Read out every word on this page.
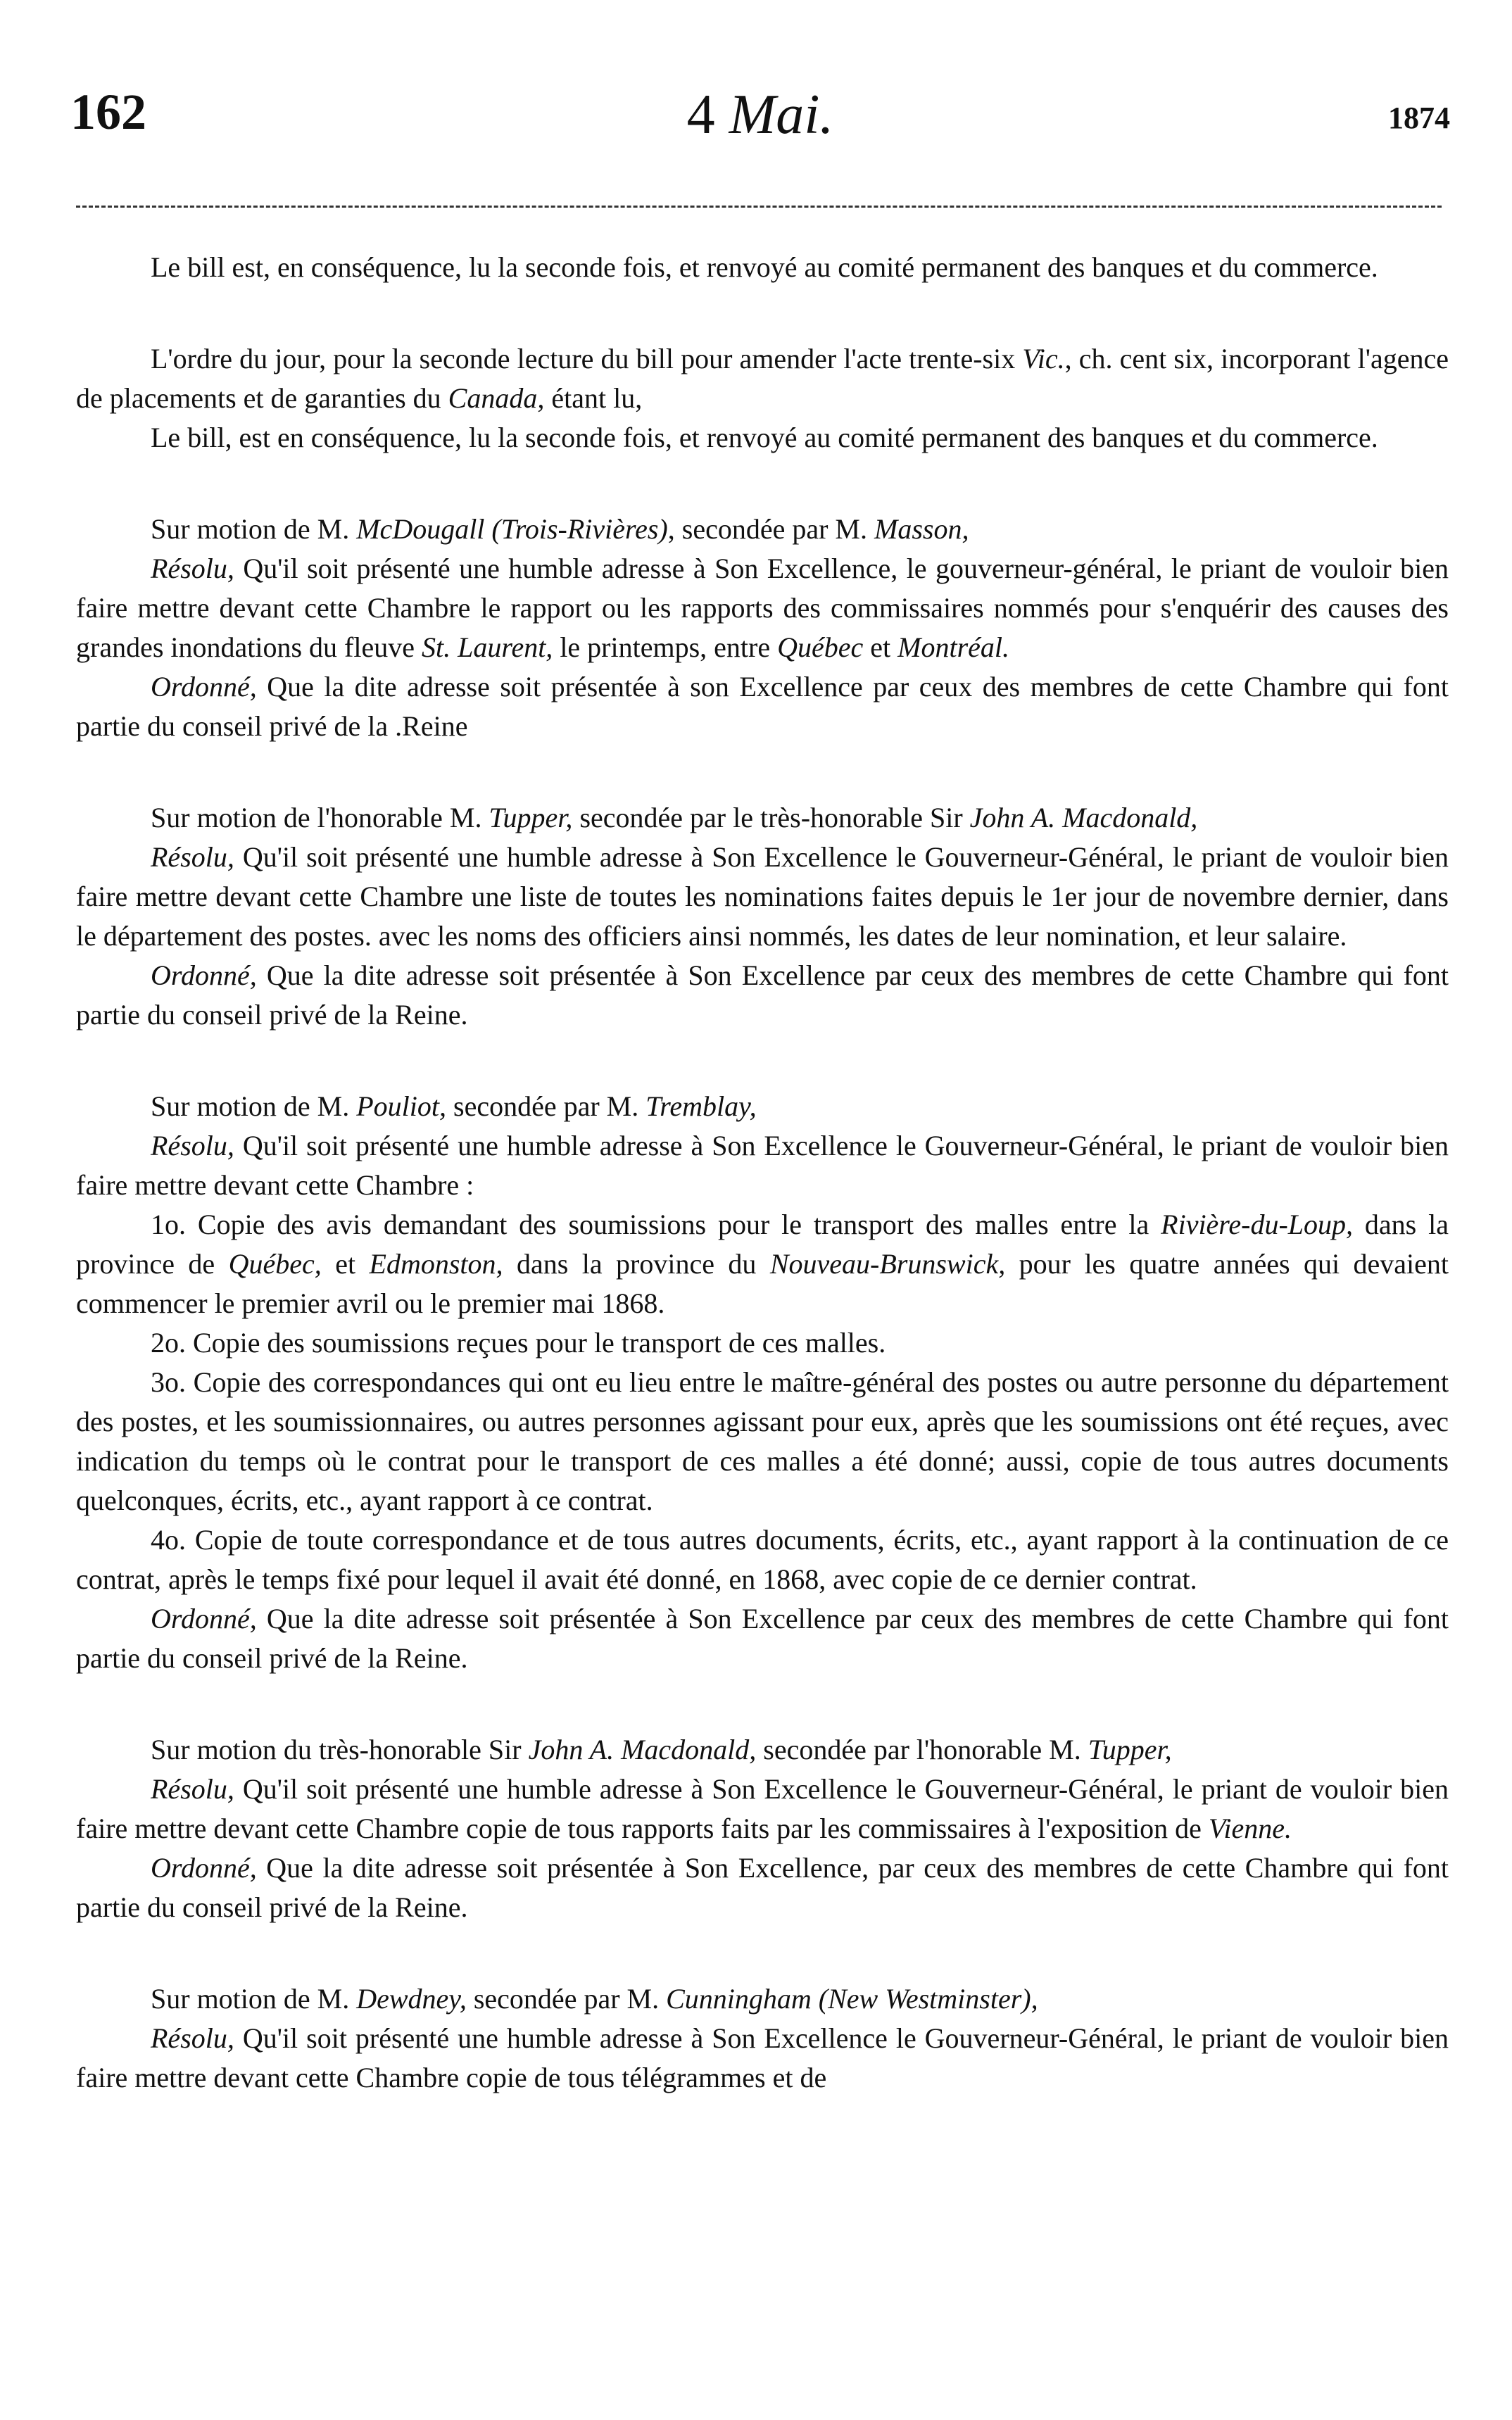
162	4 Mai.	1874

Le bill est, en conséquence, lu la seconde fois, et renvoyé au comité permanent des banques et du commerce.

L'ordre du jour, pour la seconde lecture du bill pour amender l'acte trente-six Vic., ch. cent six, incorporant l'agence de placements et de garanties du Canada, étant lu,

Le bill, est en conséquence, lu la seconde fois, et renvoyé au comité permanent des banques et du commerce.

Sur motion de M. McDougall (Trois-Rivières), secondée par M. Masson,

Résolu, Qu'il soit présenté une humble adresse à Son Excellence, le gouverneur-général, le priant de vouloir bien faire mettre devant cette Chambre le rapport ou les rapports des commissaires nommés pour s'enquérir des causes des grandes inondations du fleuve St. Laurent, le printemps, entre Québec et Montréal.

Ordonné, Que la dite adresse soit présentée à son Excellence par ceux des membres de cette Chambre qui font partie du conseil privé de la .Reine

Sur motion de l'honorable M. Tupper, secondée par le très-honorable Sir John A. Macdonald,

Résolu, Qu'il soit présenté une humble adresse à Son Excellence le Gouverneur-Général, le priant de vouloir bien faire mettre devant cette Chambre une liste de toutes les nominations faites depuis le 1er jour de novembre dernier, dans le département des postes. avec les noms des officiers ainsi nommés, les dates de leur nomination, et leur salaire.

Ordonné, Que la dite adresse soit présentée à Son Excellence par ceux des membres de cette Chambre qui font partie du conseil privé de la Reine.

Sur motion de M. Pouliot, secondée par M. Tremblay,

Résolu, Qu'il soit présenté une humble adresse à Son Excellence le Gouverneur-Général, le priant de vouloir bien faire mettre devant cette Chambre :

1o. Copie des avis demandant des soumissions pour le transport des malles entre la Rivière-du-Loup, dans la province de Québec, et Edmonston, dans la province du Nouveau-Brunswick, pour les quatre années qui devaient commencer le premier avril ou le premier mai 1868.

2o. Copie des soumissions reçues pour le transport de ces malles.

3o. Copie des correspondances qui ont eu lieu entre le maître-général des postes ou autre personne du département des postes, et les soumissionnaires, ou autres personnes agissant pour eux, après que les soumissions ont été reçues, avec indication du temps où le contrat pour le transport de ces malles a été donné; aussi, copie de tous autres documents quelconques, écrits, etc., ayant rapport à ce contrat.

4o. Copie de toute correspondance et de tous autres documents, écrits, etc., ayant rapport à la continuation de ce contrat, après le temps fixé pour lequel il avait été donné, en 1868, avec copie de ce dernier contrat.

Ordonné, Que la dite adresse soit présentée à Son Excellence par ceux des membres de cette Chambre qui font partie du conseil privé de la Reine.

Sur motion du très-honorable Sir John A. Macdonald, secondée par l'honorable M. Tupper,

Résolu, Qu'il soit présenté une humble adresse à Son Excellence le Gouverneur-Général, le priant de vouloir bien faire mettre devant cette Chambre copie de tous rapports faits par les commissaires à l'exposition de Vienne.

Ordonné, Que la dite adresse soit présentée à Son Excellence, par ceux des membres de cette Chambre qui font partie du conseil privé de la Reine.

Sur motion de M. Dewdney, secondée par M. Cunningham (New Westminster),

Résolu, Qu'il soit présenté une humble adresse à Son Excellence le Gouverneur-Général, le priant de vouloir bien faire mettre devant cette Chambre copie de tous télégrammes et de
